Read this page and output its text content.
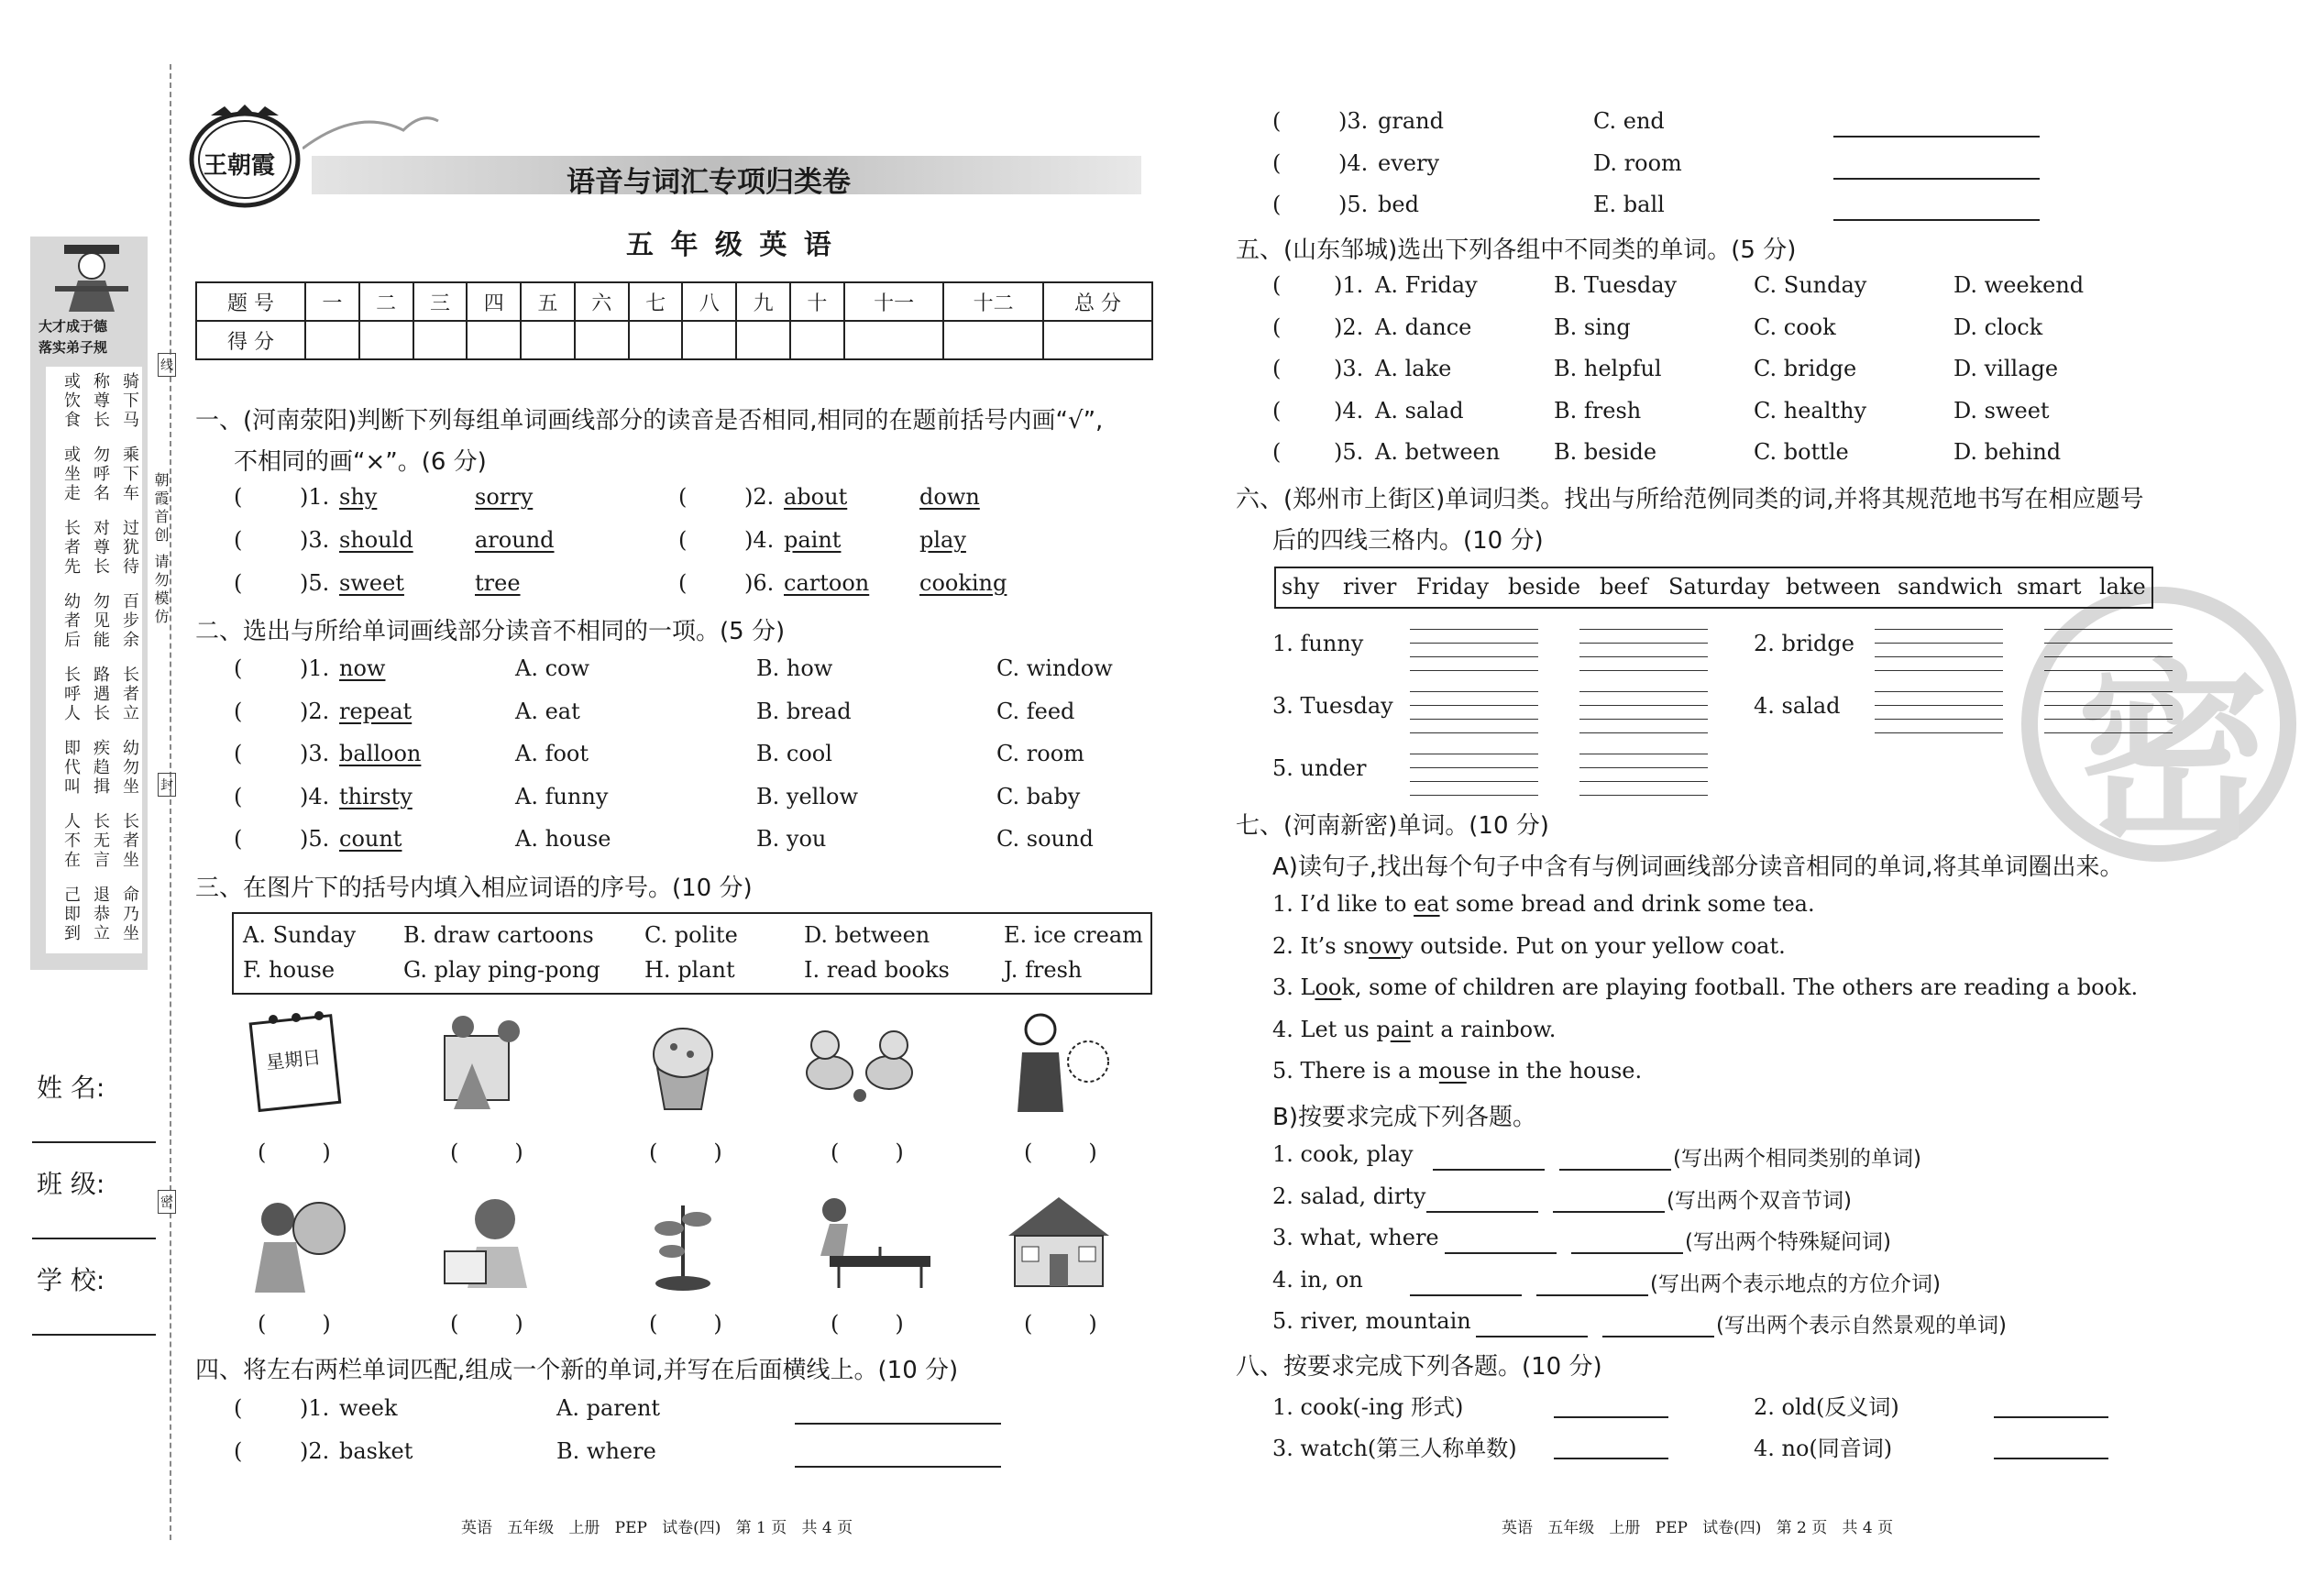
大才成于德
落实弟子规
骑下马
称尊长
或饮食
乘下车
勿呼名
或坐走
过犹待
对尊长
长者先
百步余
勿见能
幼者后
长者立
路遇长
长呼人
幼勿坐
疾趋揖
即代叫
长者坐
长无言
人不在
命乃坐
退恭立
己即到
朝霞首创 请勿模仿
线
封
密
姓 名:
班 级:
学 校:
王朝霞	语音与词汇专项归类卷
五 年 级 英 语
题 号	一	二	三	四	五	六	七	八	九	十	十一	十二	总 分
得 分													
一、(河南荥阳)判断下列每组单词画线部分的读音是否相同,相同的在题前括号内画“√”,
不相同的画“×”。(6 分)
(	)1. shy	sorry	(	)2. about	down
(	)3. should	around	(	)4. paint	play
(	)5. sweet	tree	(	)6. cartoon cooking
二、选出与所给单词画线部分读音不相同的一项。(5 分)
(	)1. now	A. cow	B. how	C. window
(	)2. repeat	A. eat	B. bread	C. feed
(	)3. balloon	A. foot	B. cool	C. room
(	)4. thirsty	A. funny	B. yellow	C. baby
(	)5. count	A. house	B. you	C. sound
三、在图片下的括号内填入相应词语的序号。(10 分)
A. Sunday B. draw cartoons C. polite	D. between	E. ice cream
F. house	G. play ping-pong H. plant	I. read books J. fresh
星期日
(        )	(        )	(        )	(        )	(        )
(        )	(        )	(        )	(        )	(        )
四、将左右两栏单词匹配,组成一个新的单词,并写在后面横线上。(10 分)
(	)1. week	A. parent
(	)2. basket	B. where
(	)3. grand	C. end
(	)4. every	D. room
(	)5. bed	E. ball
英语   五年级   上册   PEP   试卷(四)   第 1 页   共 4 页	英语   五年级   上册   PEP   试卷(四)   第 2 页   共 4 页
密
五、(山东邹城)选出下列各组中不同类的单词。(5 分)
( )1. A. Friday	B. Tuesday	C. Sunday	D. weekend
( )2. A. dance	B. sing	C. cook	D. clock
( )3. A. lake	B. helpful	C. bridge	D. village
( )4. A. salad	B. fresh	C. healthy	D. sweet
( )5. A. between B. beside	C. bottle	D. behind
六、(郑州市上街区)单词归类。找出与所给范例同类的词,并将其规范地书写在相应题号
后的四线三格内。(10 分)
shy river Friday beside beef Saturday between sandwich smart lake
1. funny	2. bridge
3. Tuesday	4. salad
5. under
七、(河南新密)单词。(10 分)
A)读句子,找出每个句子中含有与例词画线部分读音相同的单词,将其单词圈出来。
1. I’d like to eat some bread and drink some tea.
2. It’s snowy outside. Put on your yellow coat.
3. Look, some of children are playing football. The others are reading a book.
4. Let us paint a rainbow.
5. There is a mouse in the house.
B)按要求完成下列各题。
1. cook, play	(写出两个相同类别的单词)
2. salad, dirty	(写出两个双音节词)
3. what, where	(写出两个特殊疑问词)
4. in, on	(写出两个表示地点的方位介词)
5. river, mountain	(写出两个表示自然景观的单词)
八、按要求完成下列各题。(10 分)
1. cook(-ing 形式)	2. old(反义词)
3. watch(第三人称单数)	4. no(同音词)
